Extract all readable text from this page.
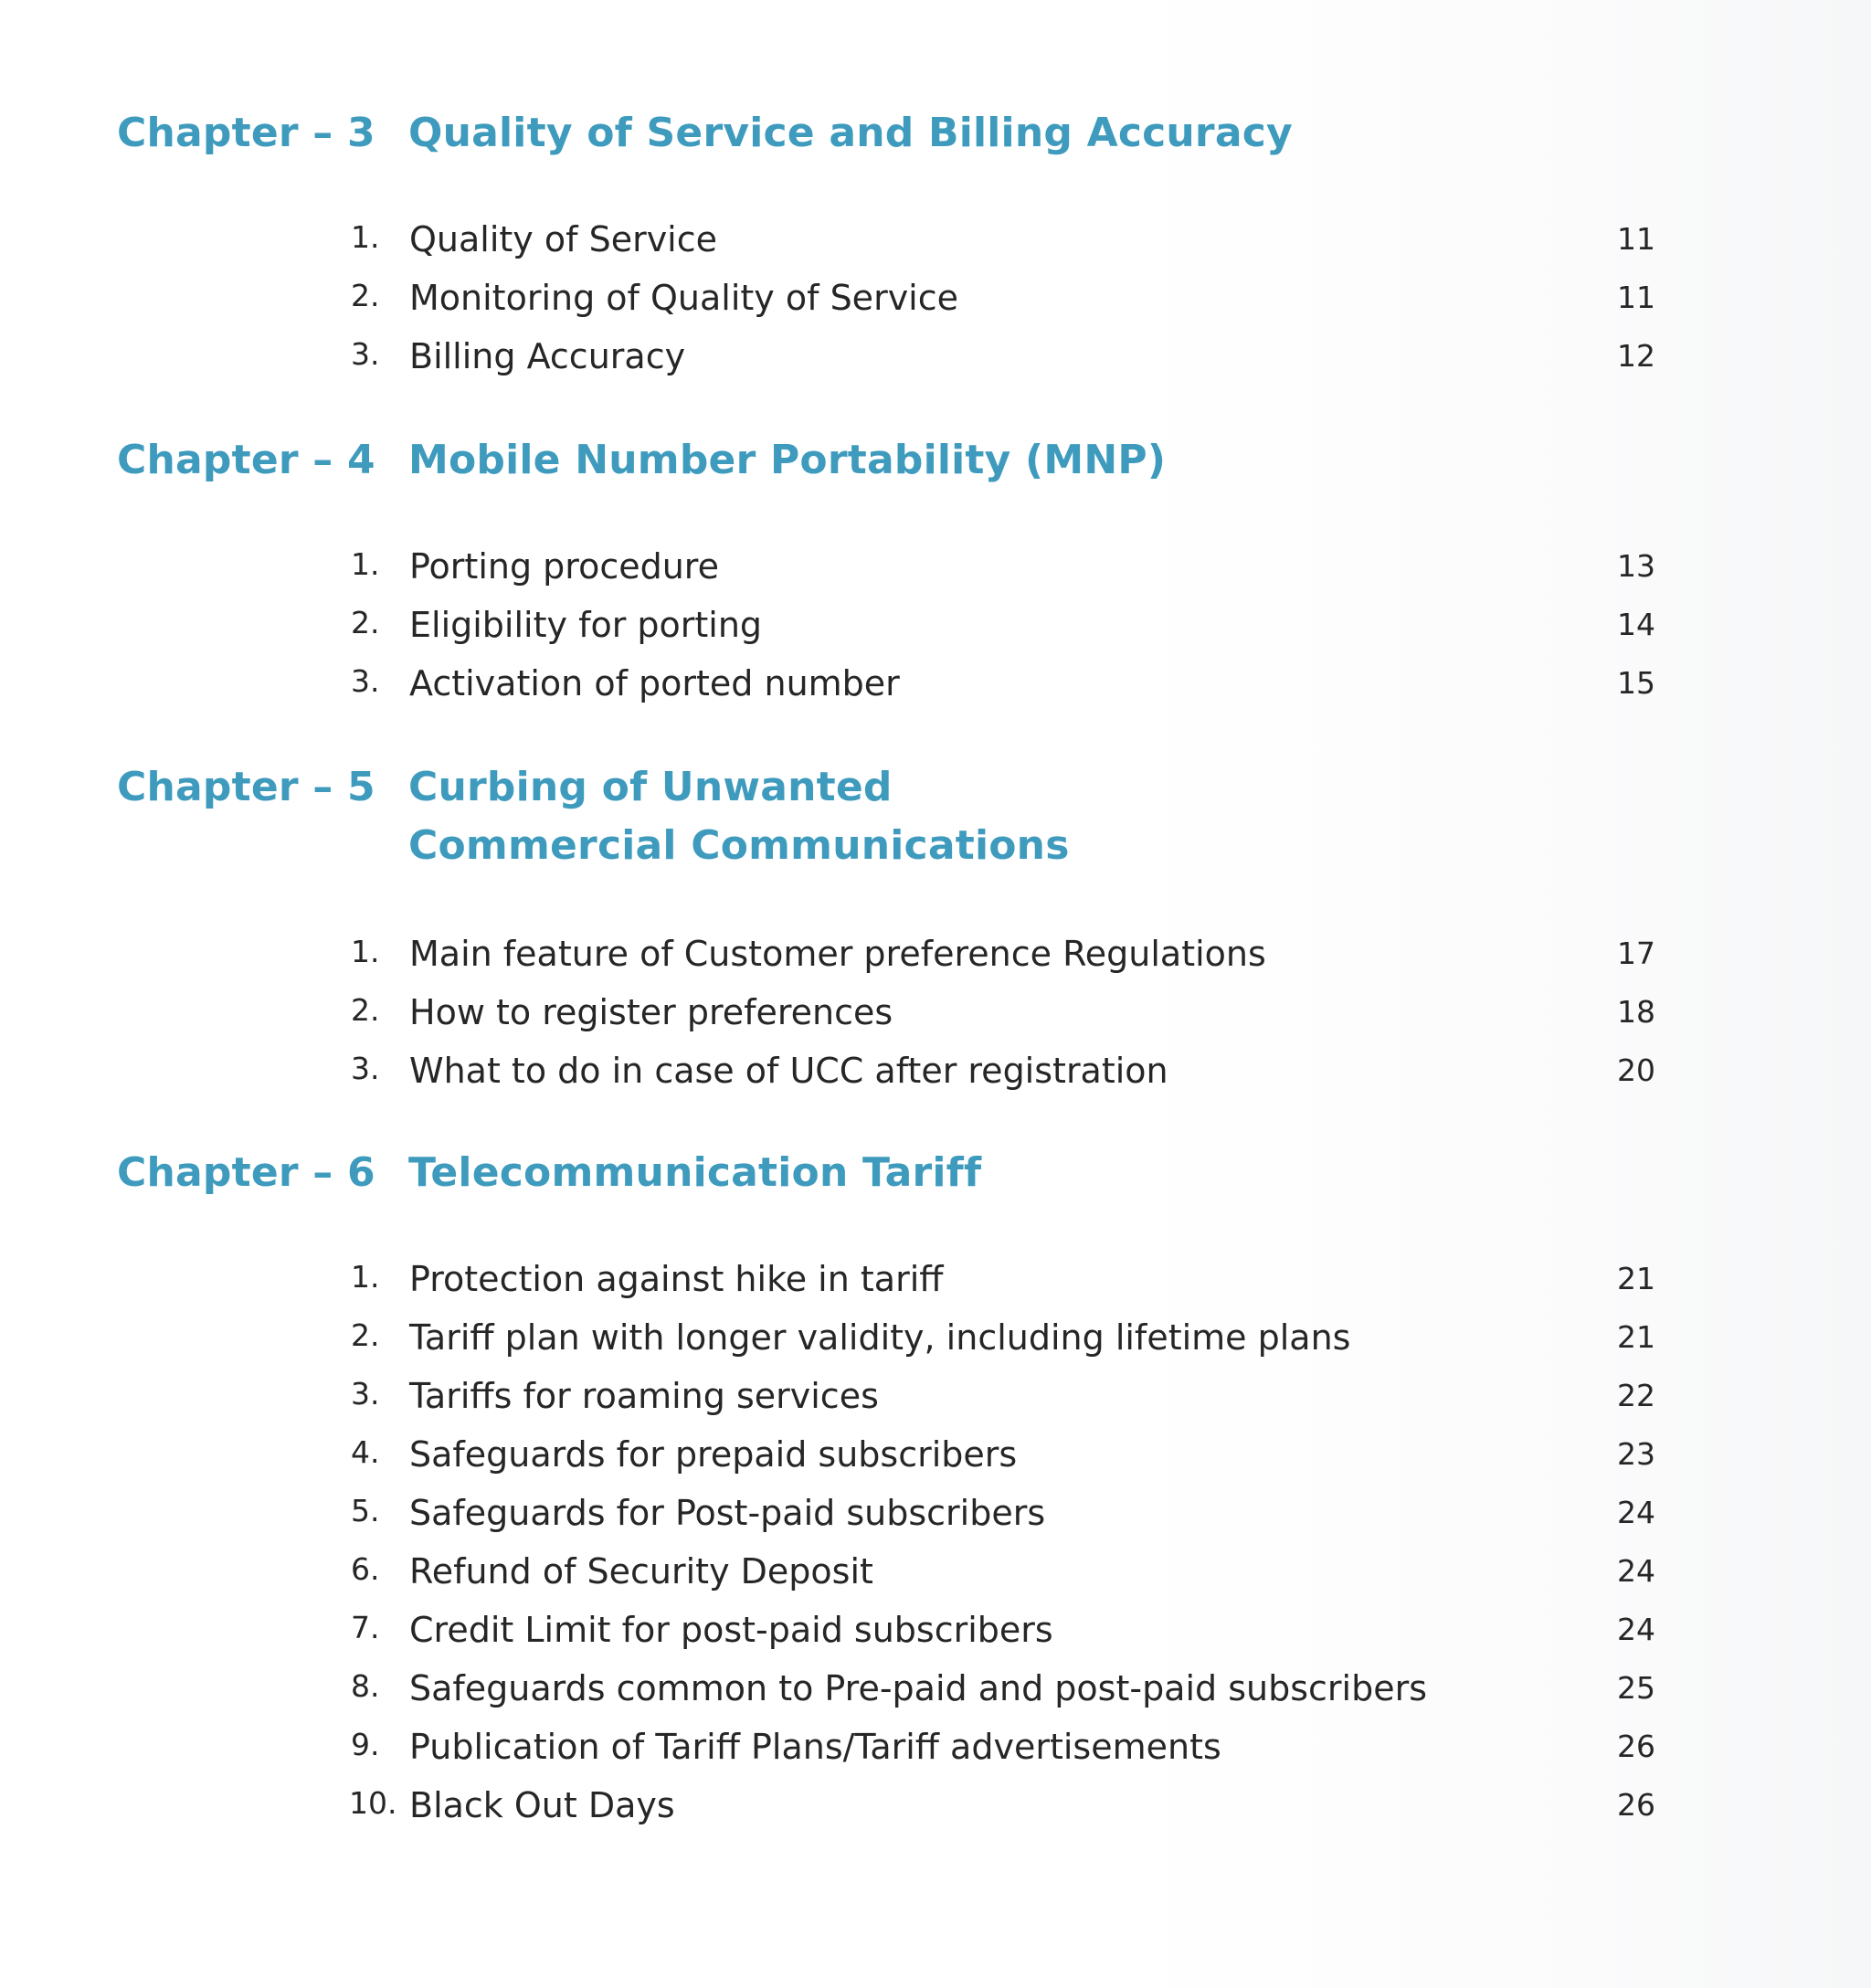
Chapter – 3 Quality of Service and Billing Accuracy
1. Quality of Service	11
2. Monitoring of Quality of Service	11
3. Billing Accuracy	12
Chapter – 4 Mobile Number Portability (MNP)
1. Porting procedure	13
2. Eligibility for porting	14
3. Activation of ported number	15
Chapter – 5 Curbing of Unwanted Commercial Communications
1. Main feature of Customer preference Regulations	17
2. How to register preferences	18
3. What to do in case of UCC after registration	20
Chapter – 6 Telecommunication Tariff
1. Protection against hike in tariff	21
2. Tariff plan with longer validity, including lifetime plans	21
3. Tariffs for roaming services	22
4. Safeguards for prepaid subscribers	23
5. Safeguards for Post-paid subscribers	24
6. Refund of Security Deposit	24
7. Credit Limit for post-paid subscribers	24
8. Safeguards common to Pre-paid and post-paid subscribers	25
9. Publication of Tariff Plans/Tariff advertisements	26
10. Black Out Days	26
